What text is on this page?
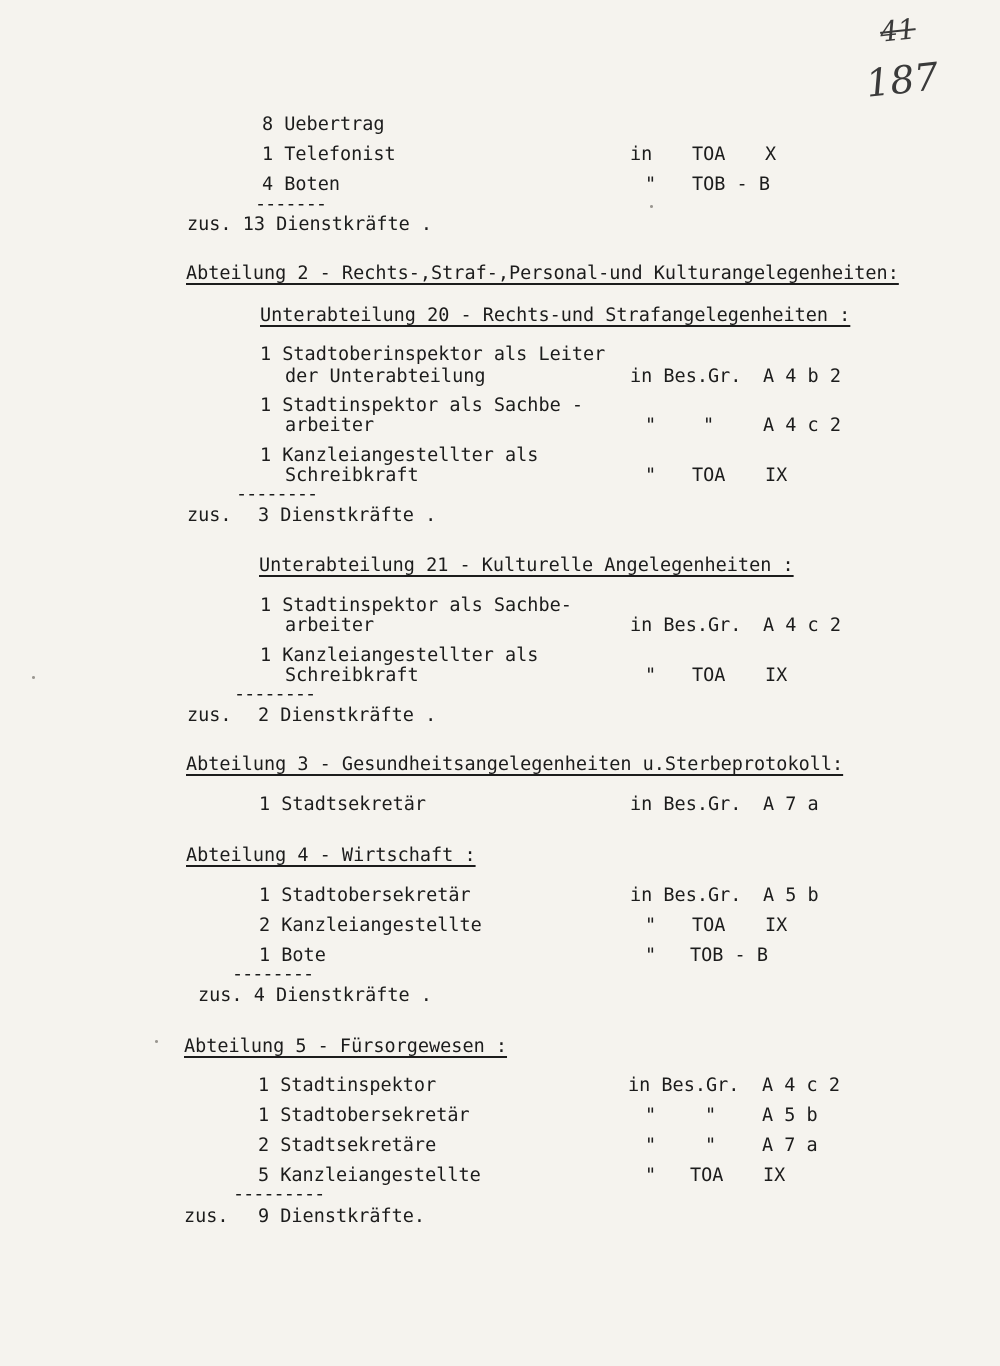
41
187
8 Uebertrag
1 Telefonist	in TOA X
4 Boten	" TOB - B
-------
zus. 13 Dienstkräfte .
Abteilung 2 - Rechts-,Straf-,Personal-und Kulturangelegenheiten:
Unterabteilung 20 - Rechts-und Strafangelegenheiten :
1 Stadtoberinspektor als Leiter
der Unterabteilung	in Bes.Gr. A 4 b 2
1 Stadtinspektor als Sachbe -
arbeiter	"	"	A 4 c 2
1 Kanzleiangestellter als
Schreibkraft	" TOA IX
--------
zus. 3 Dienstkräfte .
Unterabteilung 21 - Kulturelle Angelegenheiten :
1 Stadtinspektor als Sachbe-
arbeiter	in Bes.Gr. A 4 c 2
1 Kanzleiangestellter als
Schreibkraft	" TOA IX
--------
zus. 2 Dienstkräfte .
Abteilung 3 - Gesundheitsangelegenheiten u.Sterbeprotokoll:
1 Stadtsekretär	in Bes.Gr. A 7 a
Abteilung 4 - Wirtschaft :
1 Stadtobersekretär	in Bes.Gr. A 5 b
2 Kanzleiangestellte	" TOA IX
1 Bote	" TOB - B
--------
zus. 4 Dienstkräfte .
Abteilung 5 - Fürsorgewesen :
1 Stadtinspektor	in Bes.Gr. A 4 c 2
1 Stadtobersekretär	"	" A 5 b
2 Stadtsekretäre	"	" A 7 a
5 Kanzleiangestellte	" TOA IX
---------
zus. 9 Dienstkräfte.
